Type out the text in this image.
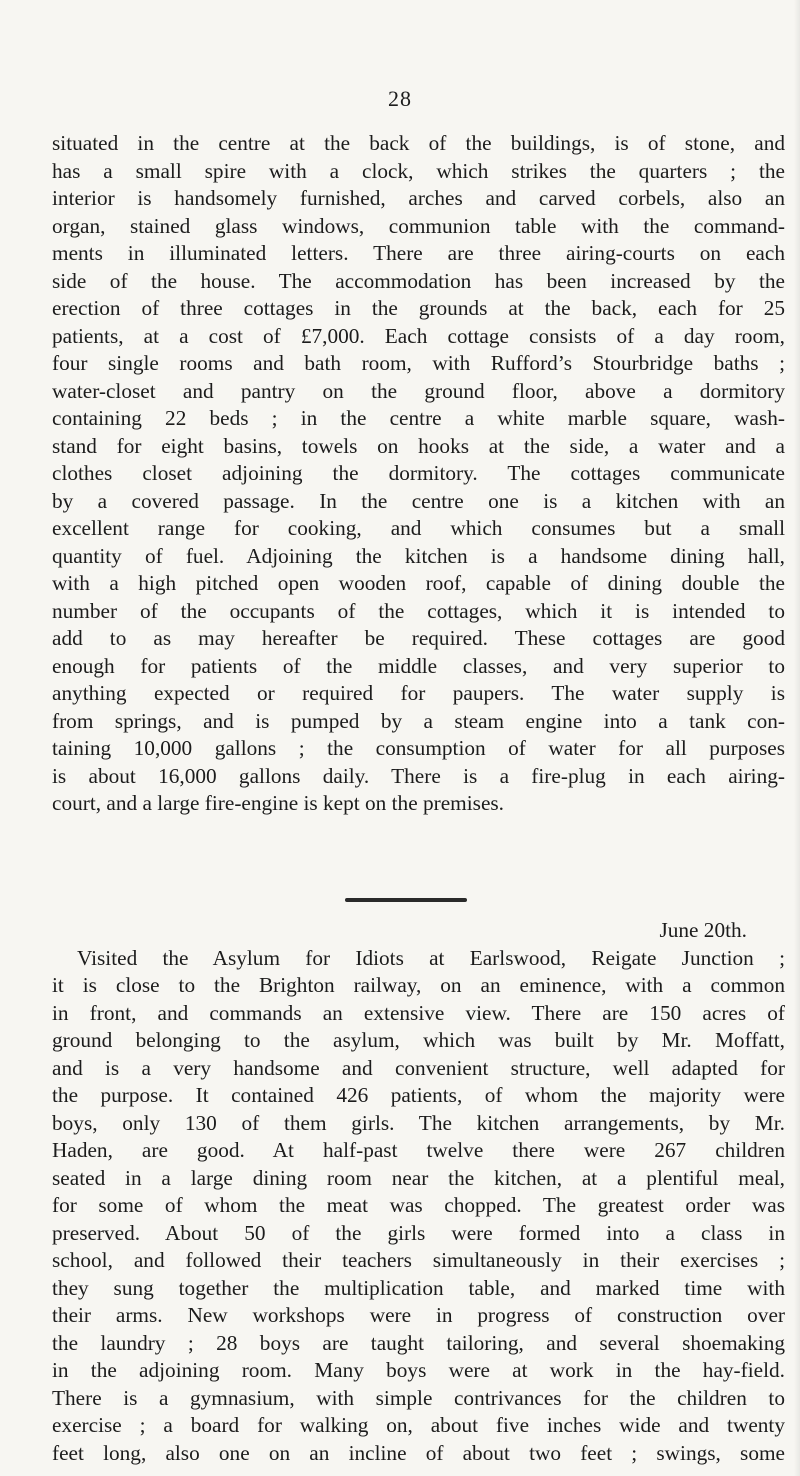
28
situated in the centre at the back of the buildings, is of stone, and
has a small spire with a clock, which strikes the quarters ; the
interior is handsomely furnished, arches and carved corbels, also an
organ, stained glass windows, communion table with the command-
ments in illuminated letters. There are three airing-courts on each
side of the house. The accommodation has been increased by the
erection of three cottages in the grounds at the back, each for 25
patients, at a cost of £7,000. Each cottage consists of a day room,
four single rooms and bath room, with Rufford’s Stourbridge baths ;
water-closet and pantry on the ground floor, above a dormitory
containing 22 beds ; in the centre a white marble square, wash-
stand for eight basins, towels on hooks at the side, a water and a
clothes closet adjoining the dormitory. The cottages communicate
by a covered passage. In the centre one is a kitchen with an
excellent range for cooking, and which consumes but a small
quantity of fuel. Adjoining the kitchen is a handsome dining hall,
with a high pitched open wooden roof, capable of dining double the
number of the occupants of the cottages, which it is intended to
add to as may hereafter be required. These cottages are good
enough for patients of the middle classes, and very superior to
anything expected or required for paupers. The water supply is
from springs, and is pumped by a steam engine into a tank con-
taining 10,000 gallons ; the consumption of water for all purposes
is about 16,000 gallons daily. There is a fire-plug in each airing-
court, and a large fire-engine is kept on the premises.
June 20th.
Visited the Asylum for Idiots at Earlswood, Reigate Junction ;
it is close to the Brighton railway, on an eminence, with a common
in front, and commands an extensive view. There are 150 acres of
ground belonging to the asylum, which was built by Mr. Moffatt,
and is a very handsome and convenient structure, well adapted for
the purpose. It contained 426 patients, of whom the majority were
boys, only 130 of them girls. The kitchen arrangements, by Mr.
Haden, are good. At half-past twelve there were 267 children
seated in a large dining room near the kitchen, at a plentiful meal,
for some of whom the meat was chopped. The greatest order was
preserved. About 50 of the girls were formed into a class in
school, and followed their teachers simultaneously in their exercises ;
they sung together the multiplication table, and marked time with
their arms. New workshops were in progress of construction over
the laundry ; 28 boys are taught tailoring, and several shoemaking
in the adjoining room. Many boys were at work in the hay-field.
There is a gymnasium, with simple contrivances for the children to
exercise ; a board for walking on, about five inches wide and twenty
feet long, also one on an incline of about two feet ; swings, some
